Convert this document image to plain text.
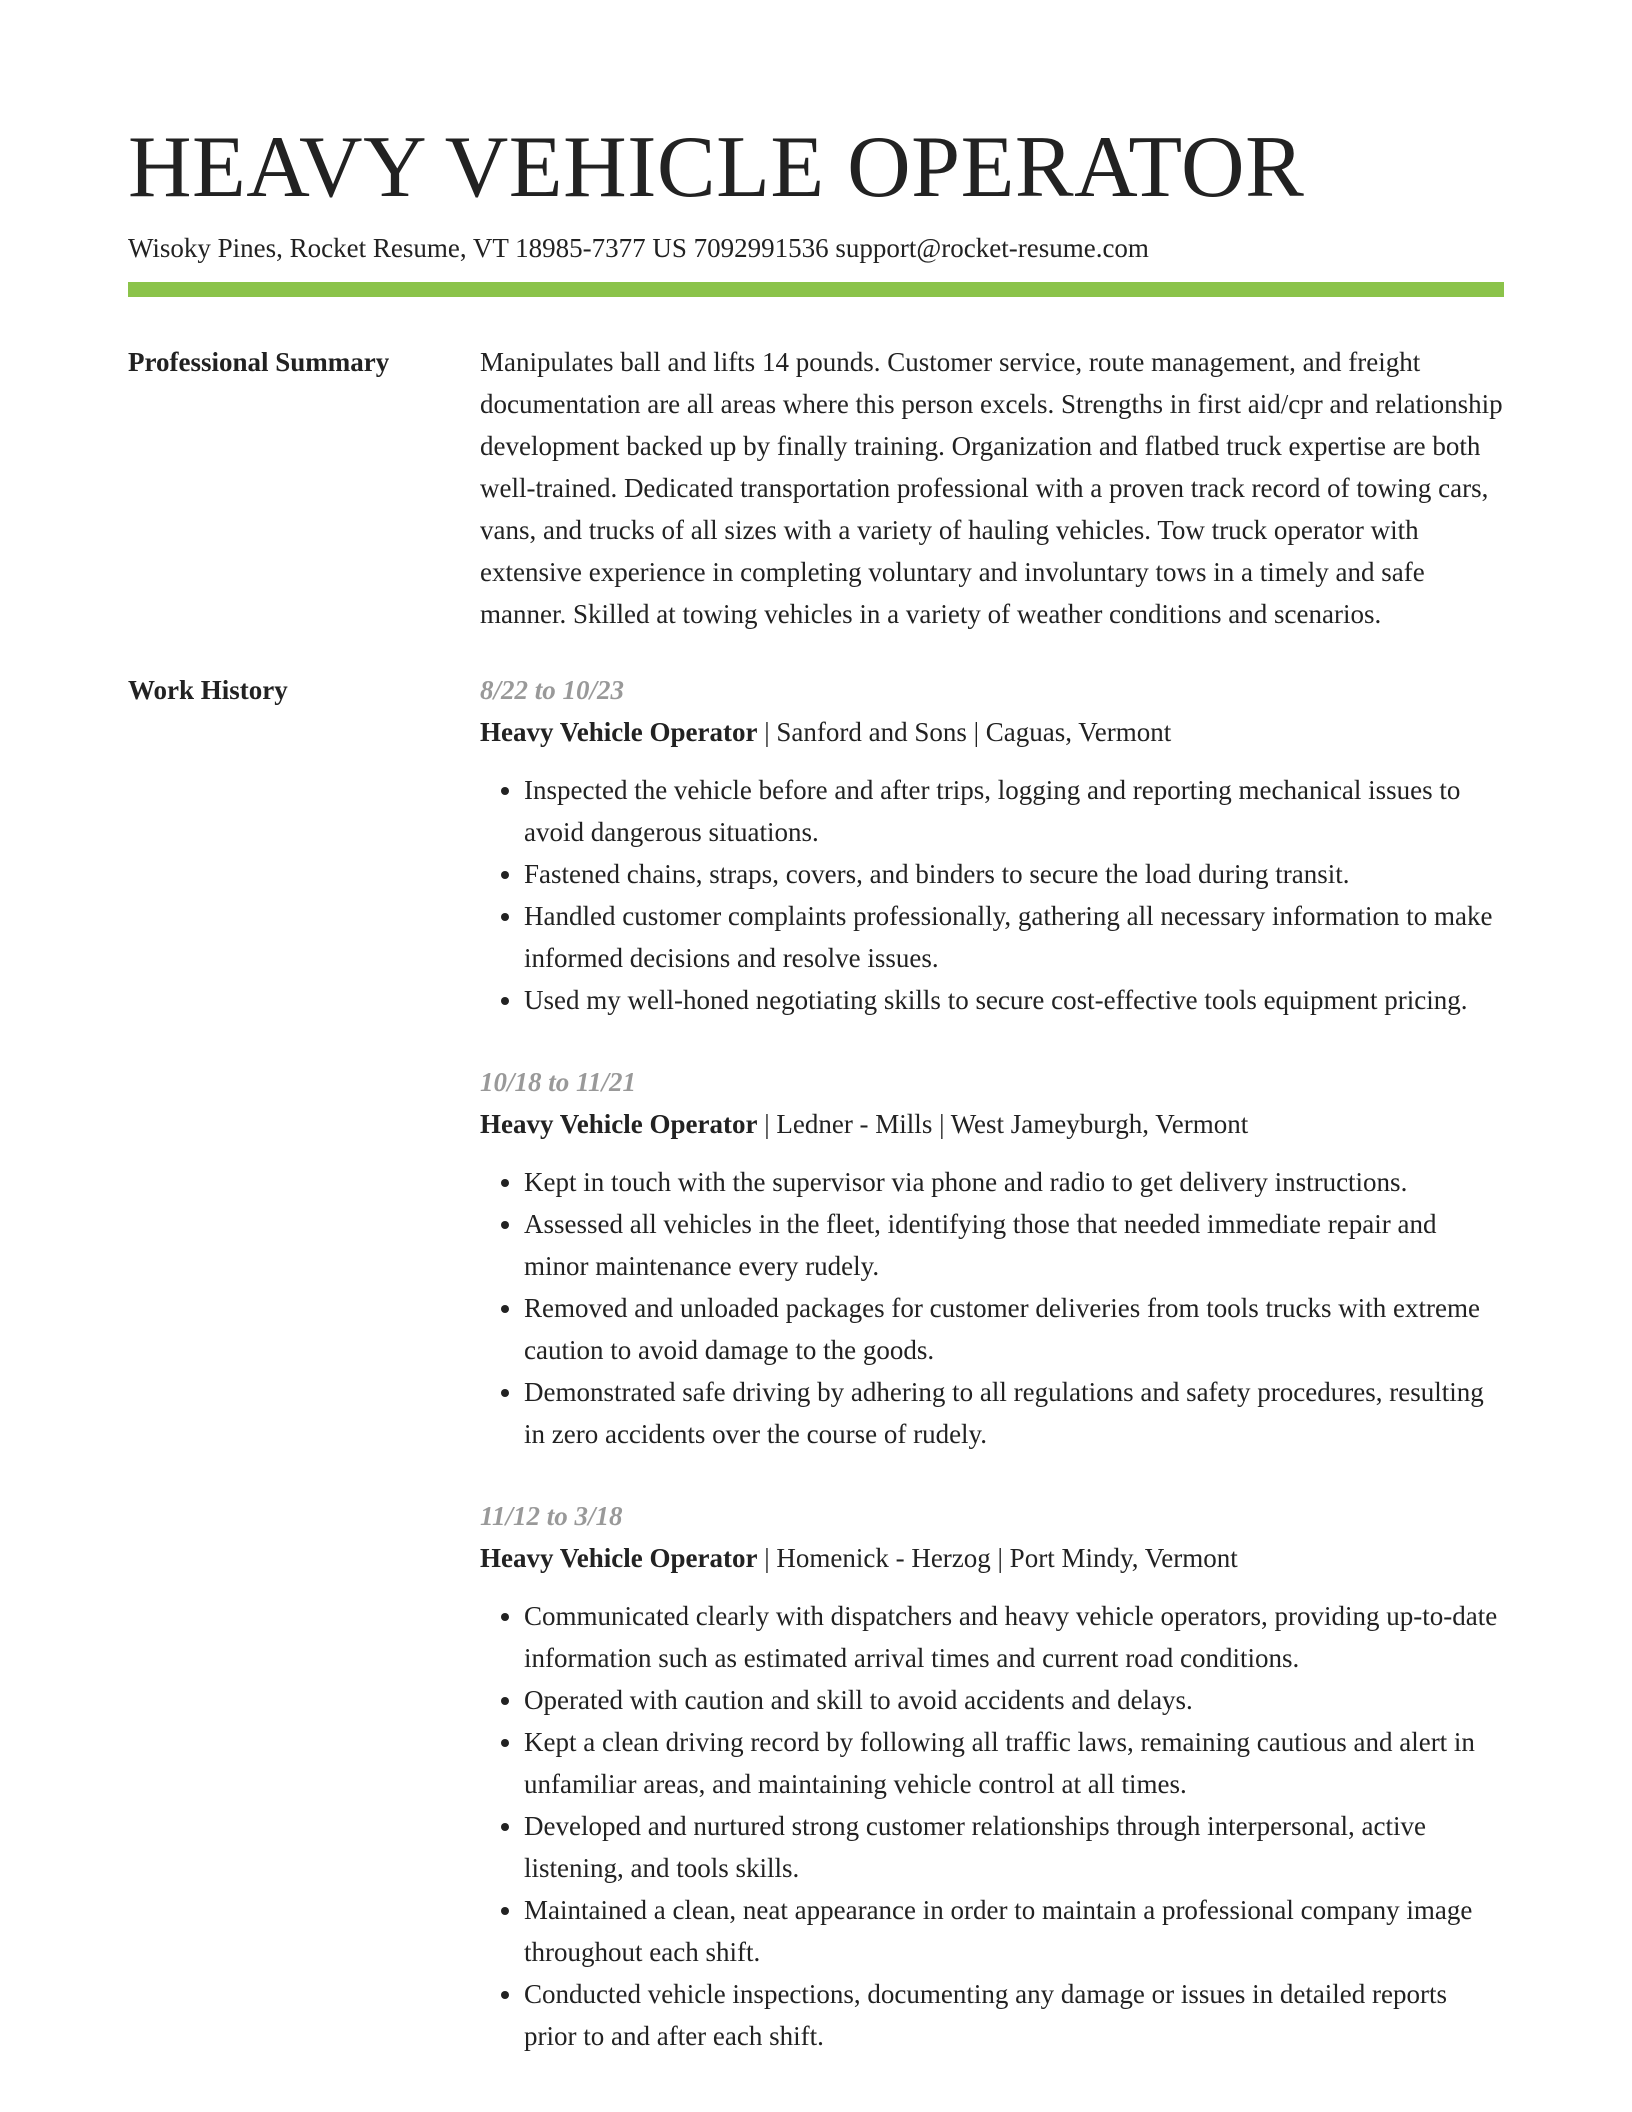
HEAVY VEHICLE OPERATOR
Wisoky Pines, Rocket Resume, VT 18985-7377 US 7092991536 support@rocket-resume.com
Professional Summary	Manipulates ball and lifts 14 pounds. Customer service, route management, and freight documentation are all areas where this person excels. Strengths in first aid/cpr and relationship development backed up by finally training. Organization and flatbed truck expertise are both well-trained. Dedicated transportation professional with a proven track record of towing cars, vans, and trucks of all sizes with a variety of hauling vehicles. Tow truck operator with extensive experience in completing voluntary and involuntary tows in a timely and safe manner. Skilled at towing vehicles in a variety of weather conditions and scenarios.

Work History	8/22 to 10/23

Heavy Vehicle Operator | Sanford and Sons | Caguas, Vermont

• Inspected the vehicle before and after trips, logging and reporting mechanical issues to avoid dangerous situations.
• Fastened chains, straps, covers, and binders to secure the load during transit.
• Handled customer complaints professionally, gathering all necessary information to make informed decisions and resolve issues.
• Used my well-honed negotiating skills to secure cost-effective tools equipment pricing.
10/18 to 11/21

Heavy Vehicle Operator | Ledner - Mills | West Jameyburgh, Vermont

• Kept in touch with the supervisor via phone and radio to get delivery instructions.
• Assessed all vehicles in the fleet, identifying those that needed immediate repair and minor maintenance every rudely.
• Removed and unloaded packages for customer deliveries from tools trucks with extreme caution to avoid damage to the goods.
• Demonstrated safe driving by adhering to all regulations and safety procedures, resulting in zero accidents over the course of rudely.
11/12 to 3/18

Heavy Vehicle Operator | Homenick - Herzog | Port Mindy, Vermont

• Communicated clearly with dispatchers and heavy vehicle operators, providing up-to-date information such as estimated arrival times and current road conditions.
• Operated with caution and skill to avoid accidents and delays.
• Kept a clean driving record by following all traffic laws, remaining cautious and alert in unfamiliar areas, and maintaining vehicle control at all times.
• Developed and nurtured strong customer relationships through interpersonal, active listening, and tools skills.
• Maintained a clean, neat appearance in order to maintain a professional company image throughout each shift.
• Conducted vehicle inspections, documenting any damage or issues in detailed reports prior to and after each shift.
